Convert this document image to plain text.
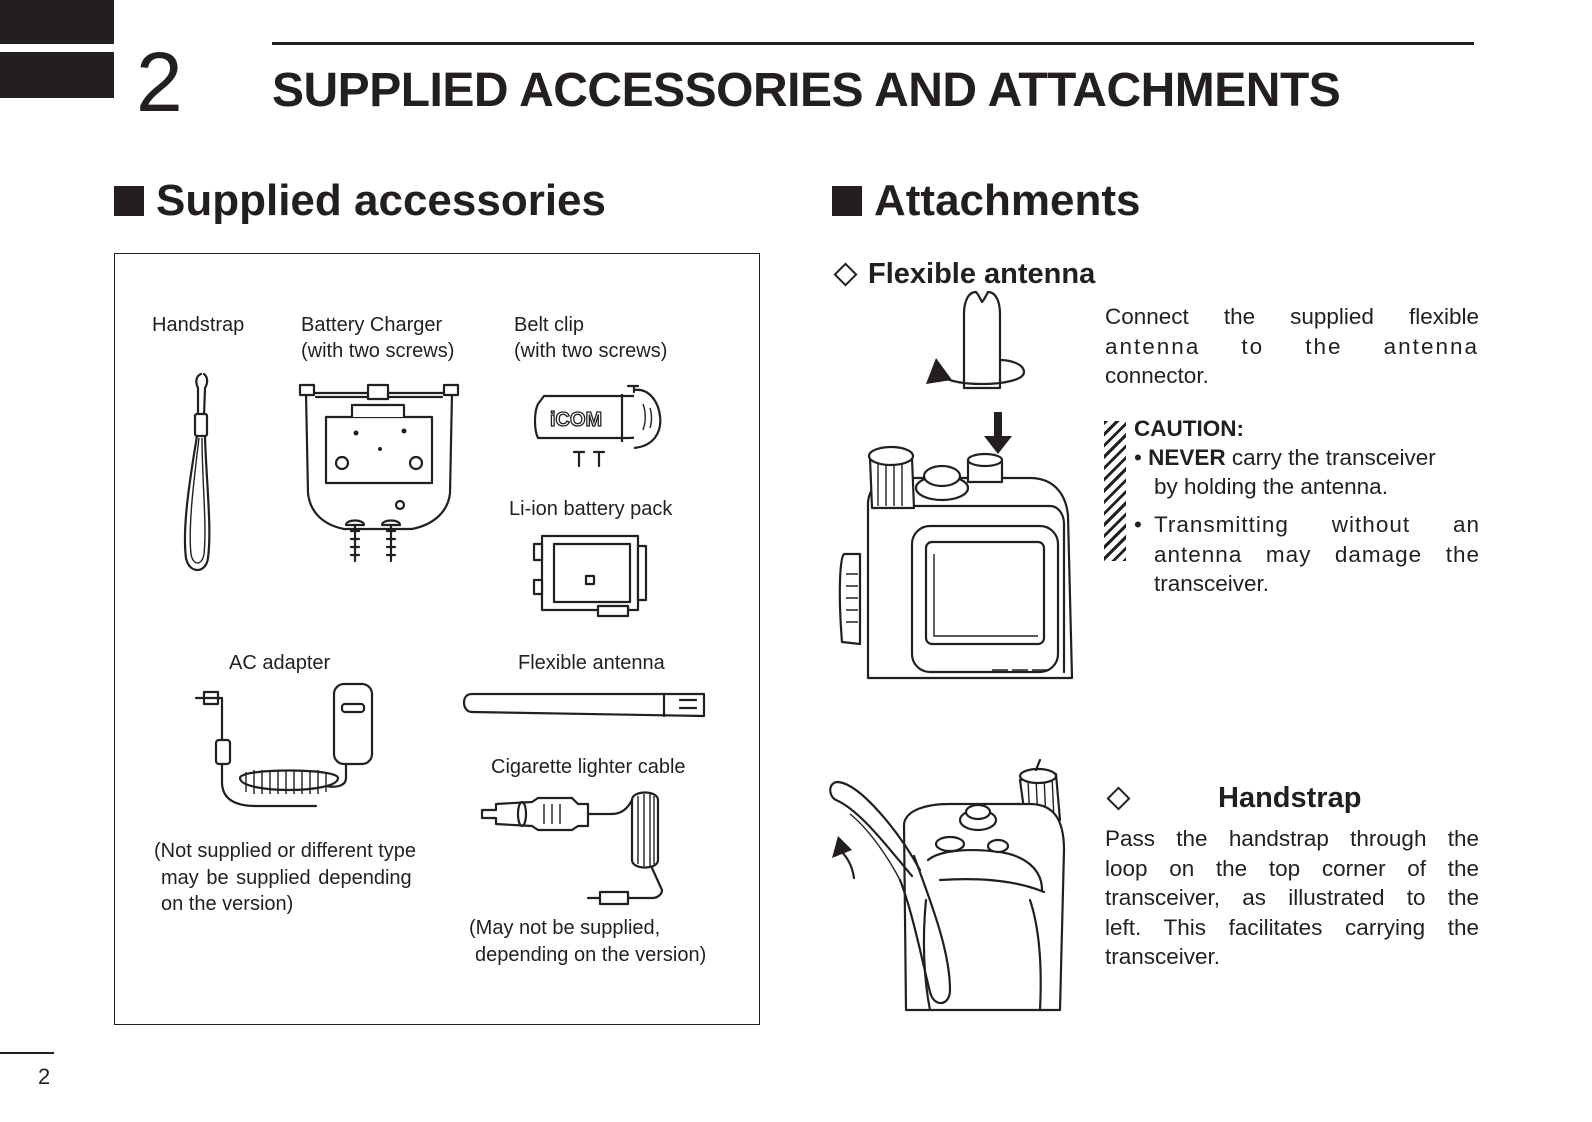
2 SUPPLIED ACCESSORIES AND ATTACHMENTS
Supplied accessories	Attachments
Handstrap	Battery Charger
(with two screws)
Belt clip
(with two screws)
Li-ion battery pack
AC adapter	Flexible antenna
Cigarette lighter cable
(Not supplied or different type
may be supplied depending
on the version)
(May not be supplied,
depending on the version)
iCOM
Flexible antenna
Connect the supplied flexible
antenna to the antenna
connector.
CAUTION:
• NEVER carry the transceiver
by holding the antenna.
• Transmitting without an
antenna may damage the
transceiver.
Handstrap
Pass the handstrap through the
loop on the top corner of the
transceiver, as illustrated to the
left. This facilitates carrying the
transceiver.
2
